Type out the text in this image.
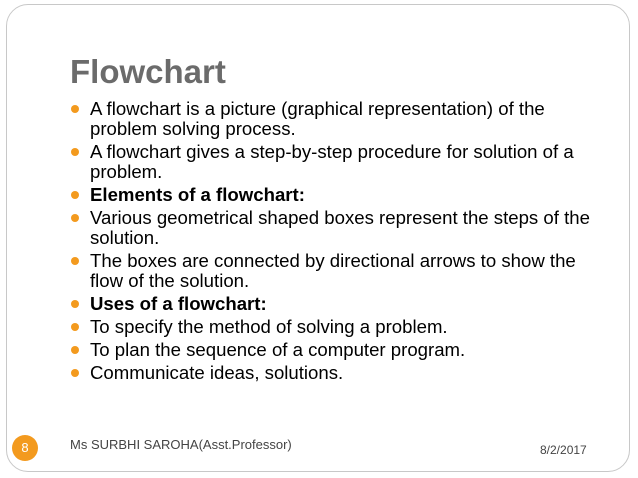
Flowchart
A flowchart is a picture (graphical representation) of the problem solving process.
A flowchart gives a step-by-step procedure for solution of a problem.
Elements of a flowchart:
Various geometrical shaped boxes represent the steps of the solution.
The boxes are connected by directional arrows to show the flow of the solution.
Uses of a flowchart:
To specify the method of solving a problem.
To plan the sequence of a computer program.
Communicate ideas, solutions.
8	Ms SURBHI SAROHA(Asst.Professor)	8/2/2017
